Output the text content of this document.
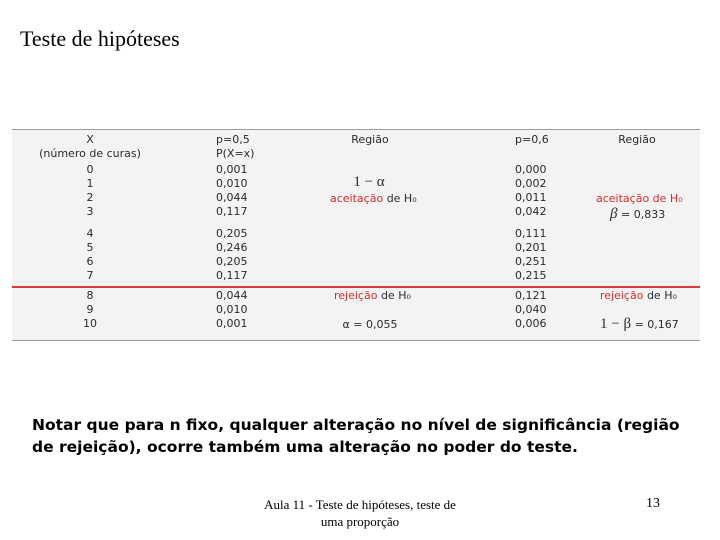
Teste de hipóteses
X
(número de curas)
p=0,5
P(X=x)
Região	p=0,6	Região
0
1
2
3
4
5
6
7
8
9
10
0,001
0,010
0,044
0,117
0,205
0,246
0,205
0,117
0,044
0,010
0,001
0,000
0,002
0,011
0,042
0,111
0,201
0,251
0,215
0,121
0,040
0,006
1 − α
aceitação de H₀
rejeição de H₀
α = 0,055
aceitação de H₀
β = 0,833
rejeição de H₀
1 − β = 0,167
Notar que para n fixo, qualquer alteração no nível de significância (região de rejeição), ocorre também uma alteração no poder do teste.
Aula 11 - Teste de hipóteses, teste de
uma proporção
13
